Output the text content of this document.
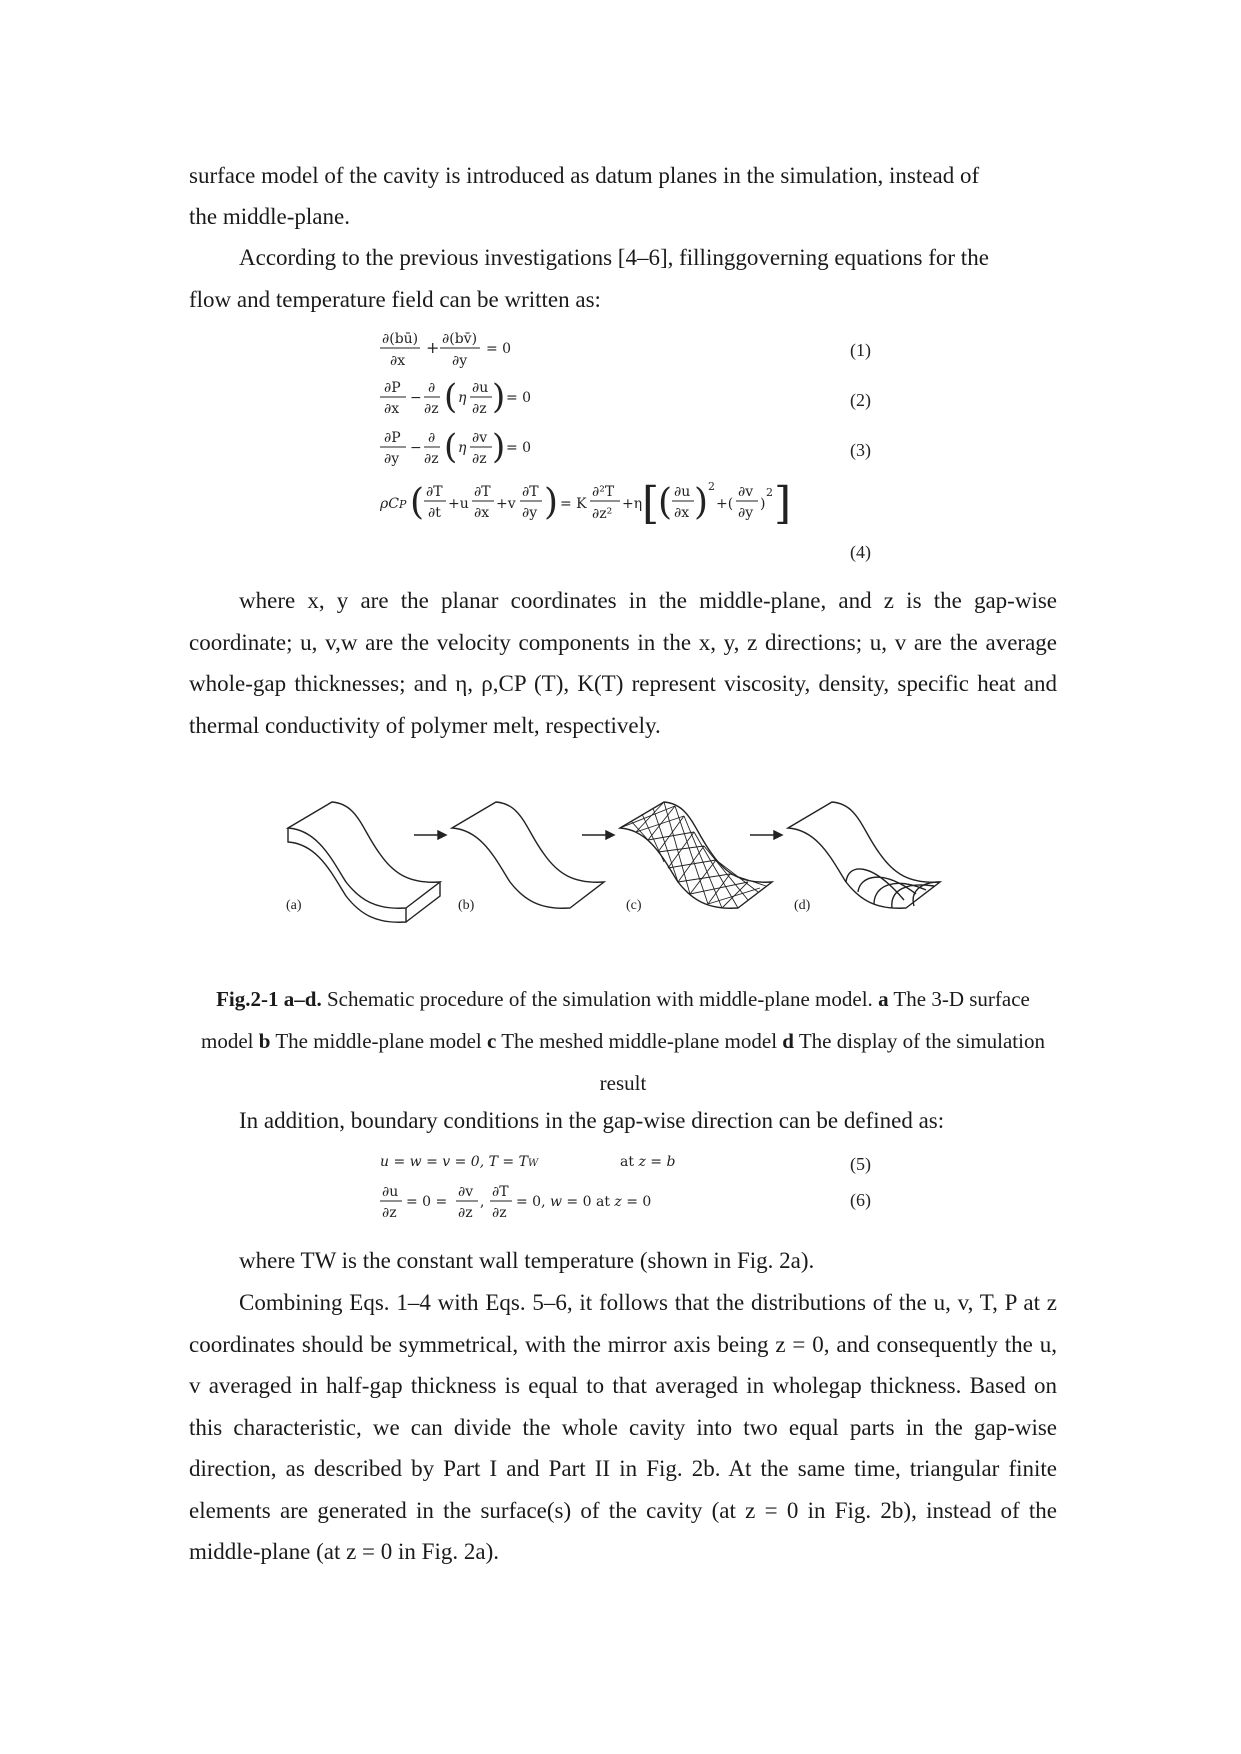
surface model of the cavity is introduced as datum planes in the simulation, instead of

the middle-plane.

According to the previous investigations [4–6], fillinggoverning equations for the

flow and temperature field can be written as:

∂(bū)
∂x
+ ∂(bv̄)
∂y
= 0
∂P
∂x
−
∂
∂z ( η
∂u
∂z ) = 0
∂P
∂y
−
∂
∂z ( η
∂v
∂z ) = 0
ρCP ( ∂T
∂t
+u
∂T
∂x
+v
∂T
∂y ) = K
∂²T
∂z²
+η [
( ∂u
∂x ) 2
+(
∂v
∂y
)
2 ]
(1)
(2)
(3)
(4)

where x, y are the planar coordinates in the middle-plane, and z is the gap-wise coordinate; u, v,w are the velocity components in the x, y, z directions; u, v are the average whole-gap thicknesses; and η, ρ,CP (T), K(T) represent viscosity, density, specific heat and thermal conductivity of polymer melt, respectively.

(a)	(b)	(c)	(d)
Fig.2-1 a–d. Schematic procedure of the simulation with middle-plane model. a The 3-D surface model b The middle-plane model c The meshed middle-plane model d The display of the simulation result

In addition, boundary conditions in the gap-wise direction can be defined as:

u = w = v = 0, T = TW	at z = b
∂u
∂z
= 0 =
∂v
∂z
,
∂T
∂z
= 0, w = 0 at z = 0
(5)
(6)

where TW is the constant wall temperature (shown in Fig. 2a).

Combining Eqs. 1–4 with Eqs. 5–6, it follows that the distributions of the u, v, T, P at z coordinates should be symmetrical, with the mirror axis being z = 0, and consequently the u, v averaged in half-gap thickness is equal to that averaged in wholegap thickness. Based on this characteristic, we can divide the whole cavity into two equal parts in the gap-wise direction, as described by Part I and Part II in Fig. 2b. At the same time, triangular finite elements are generated in the surface(s) of the cavity (at z = 0 in Fig. 2b), instead of the middle-plane (at z = 0 in Fig. 2a).
